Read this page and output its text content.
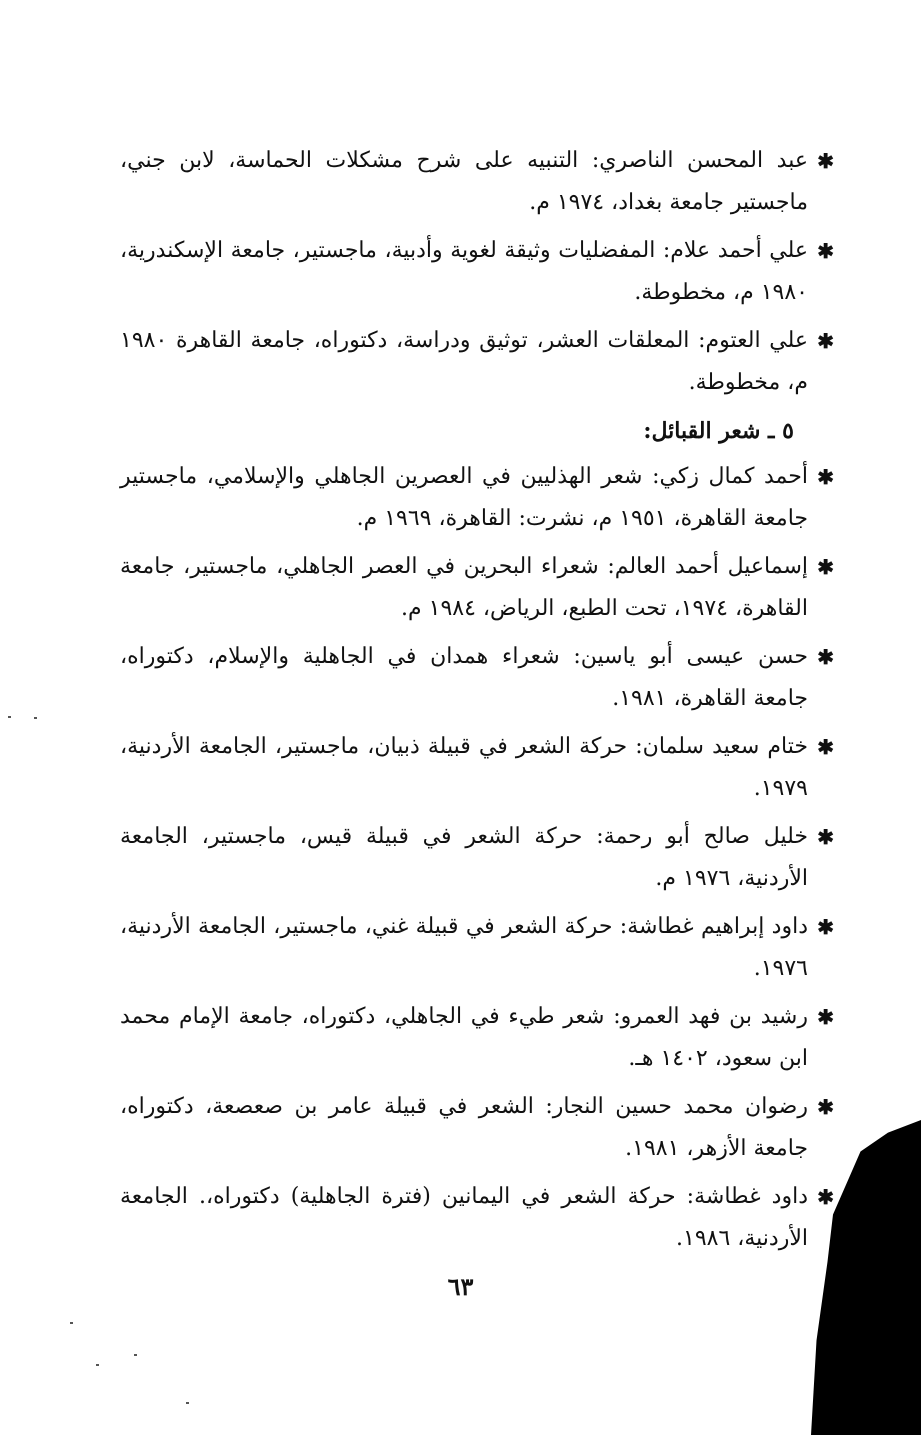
✱
عبد المحسن الناصري: التنبيه على شرح مشكلات الحماسة، لابن جني، ماجستير جامعة بغداد، ١٩٧٤ م.
✱
علي أحمد علام: المفضليات وثيقة لغوية وأدبية، ماجستير، جامعة الإسكندرية، ١٩٨٠ م، مخطوطة.
✱
علي العتوم: المعلقات العشر، توثيق ودراسة، دكتوراه، جامعة القاهرة ١٩٨٠ م، مخطوطة.
٥ ـ شعر القبائل:
✱
أحمد كمال زكي: شعر الهذليين في العصرين الجاهلي والإسلامي، ماجستير جامعة القاهرة، ١٩٥١ م، نشرت: القاهرة، ١٩٦٩ م.
✱
إسماعيل أحمد العالم: شعراء البحرين في العصر الجاهلي، ماجستير، جامعة القاهرة، ١٩٧٤، تحت الطبع، الرياض، ١٩٨٤ م.
✱
حسن عيسى أبو ياسين: شعراء همدان في الجاهلية والإسلام، دكتوراه، جامعة القاهرة، ١٩٨١.
✱
ختام سعيد سلمان: حركة الشعر في قبيلة ذبيان، ماجستير، الجامعة الأردنية، ١٩٧٩.
✱
خليل صالح أبو رحمة: حركة الشعر في قبيلة قيس، ماجستير، الجامعة الأردنية، ١٩٧٦ م.
✱
داود إبراهيم غطاشة: حركة الشعر في قبيلة غني، ماجستير، الجامعة الأردنية، ١٩٧٦.
✱
رشيد بن فهد العمرو: شعر طيء في الجاهلي، دكتوراه، جامعة الإمام محمد ابن سعود، ١٤٠٢ هـ.
✱
رضوان محمد حسين النجار: الشعر في قبيلة عامر بن صعصعة، دكتوراه، جامعة الأزهر، ١٩٨١.
✱
داود غطاشة: حركة الشعر في اليمانين (فترة الجاهلية) دكتوراه،. الجامعة الأردنية، ١٩٨٦.
٦٣
